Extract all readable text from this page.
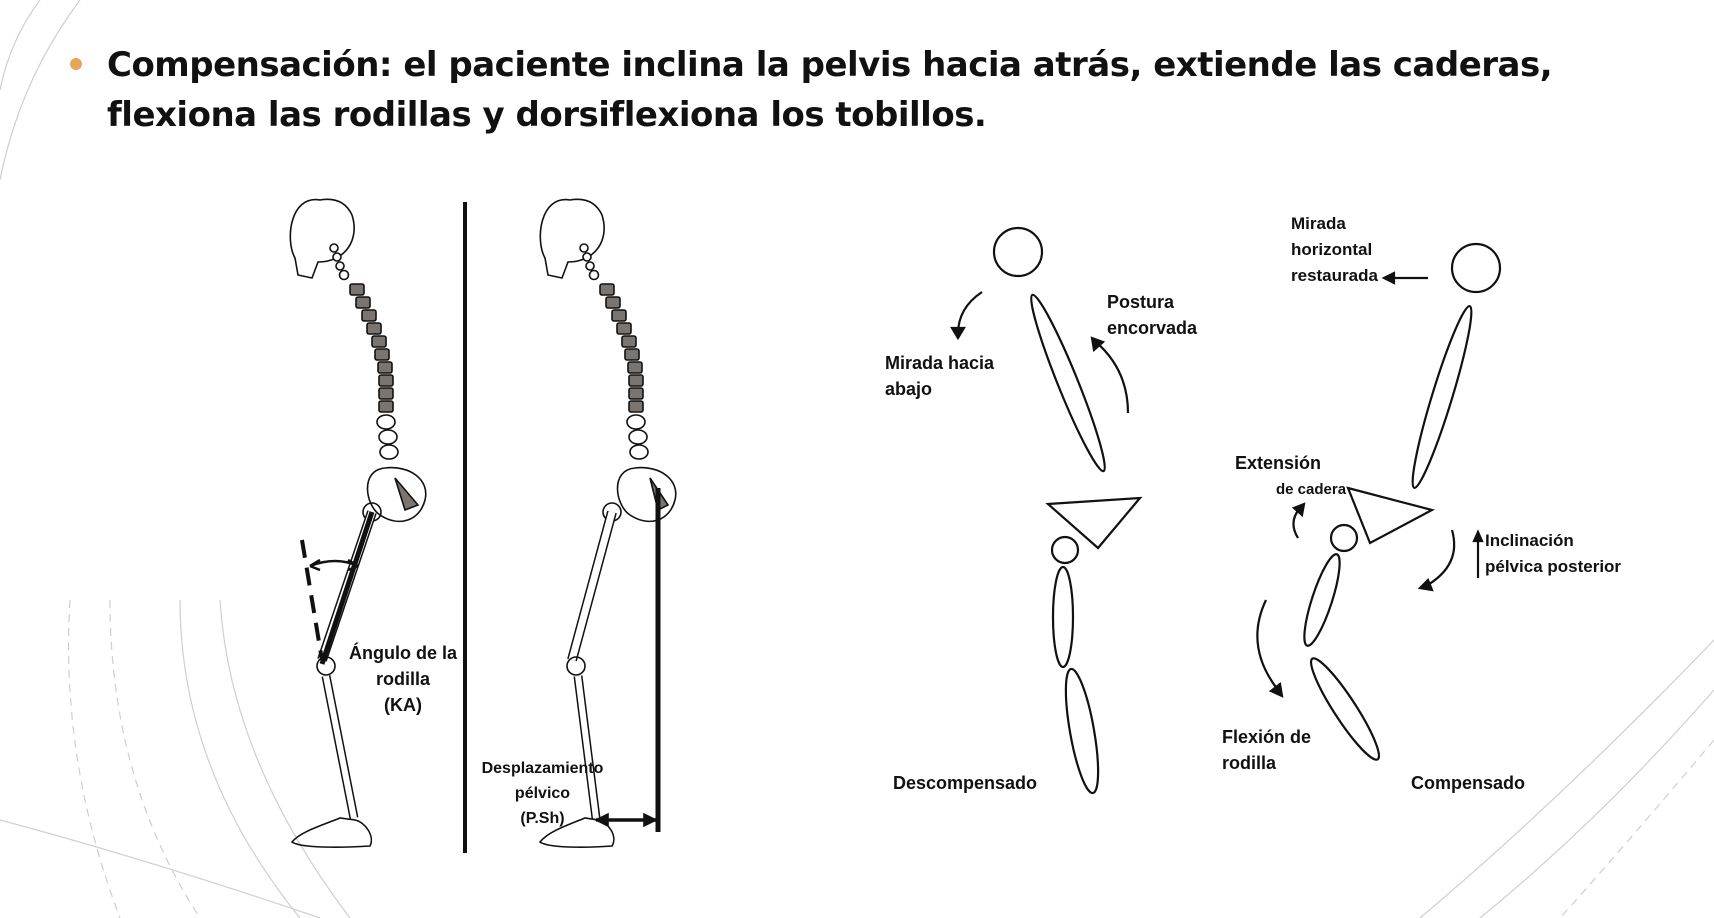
Compensación: el paciente inclina la pelvis hacia atrás, extiende las caderas, flexiona las rodillas y dorsiflexiona los tobillos.
Ángulo de la
rodilla
(KA)
Desplazamiento
pélvico
(P.Sh)
Mirada hacia
abajo
Postura
encorvada
Descompensado
Mirada
horizontal
restaurada
Extensión
de cadera
Inclinación
pélvica posterior
Flexión de
rodilla
Compensado
